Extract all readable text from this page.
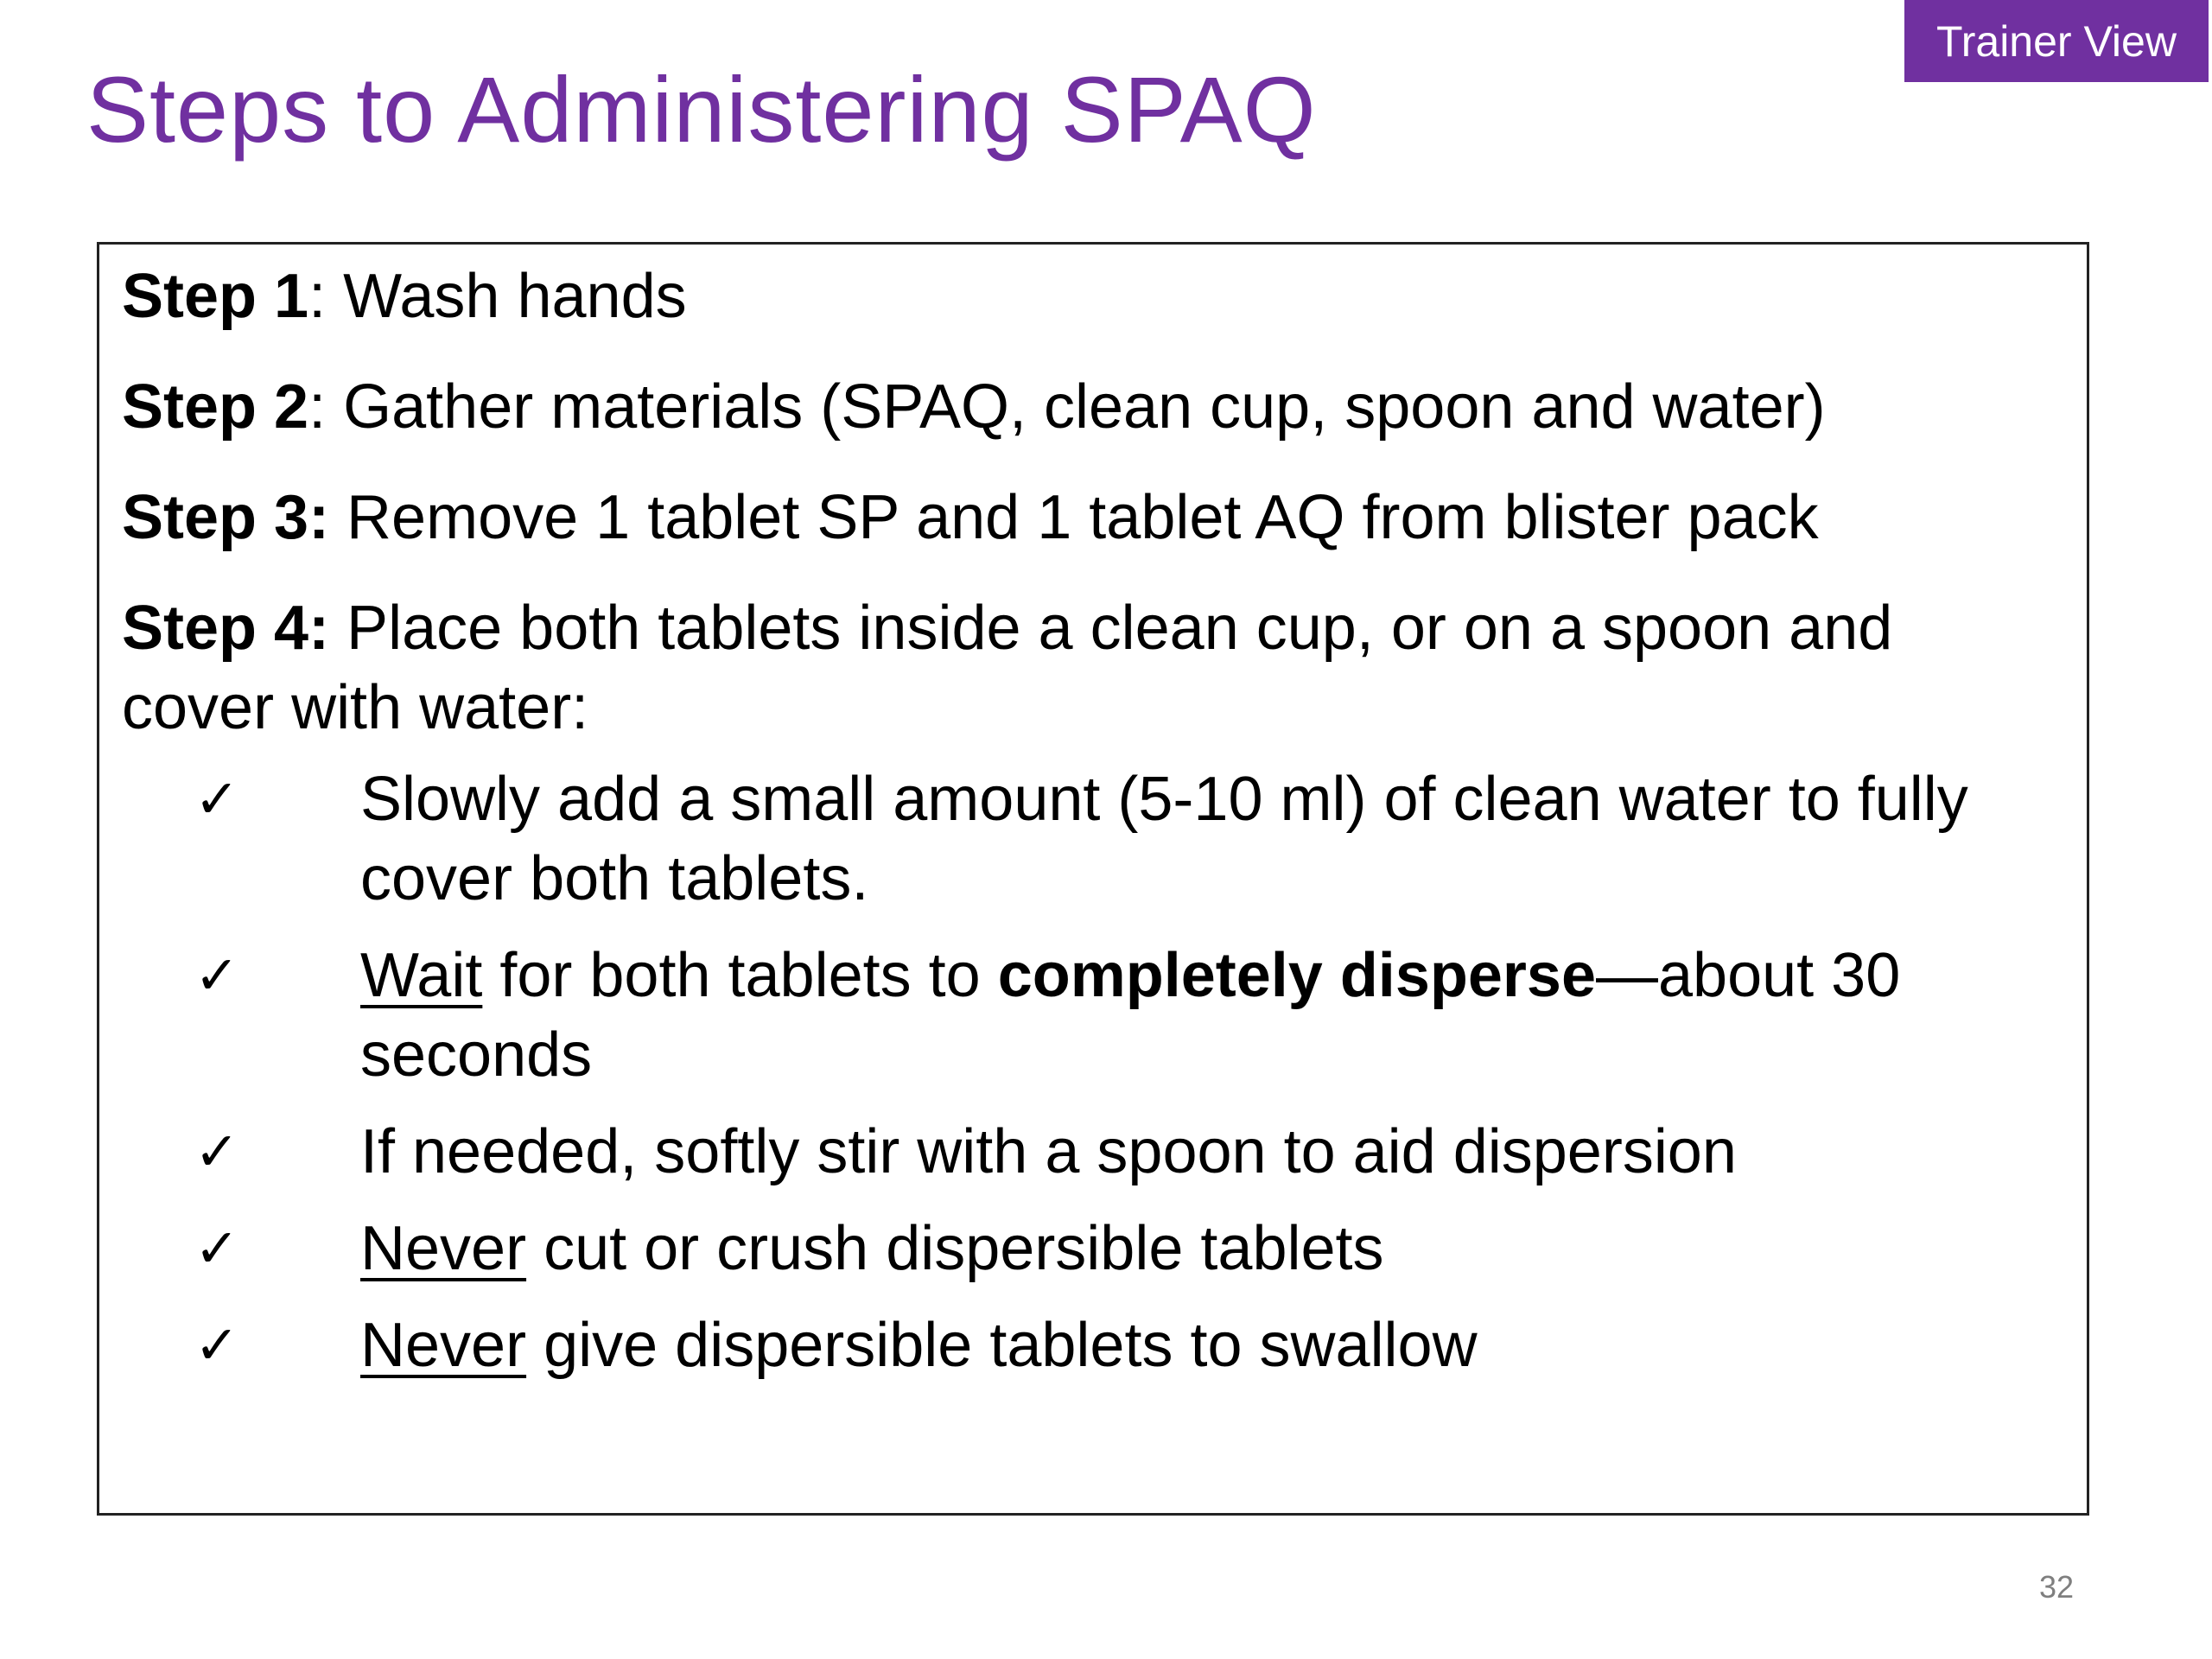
Trainer View
Steps to Administering SPAQ
Step 1: Wash hands
Step 2: Gather materials (SPAQ, clean cup, spoon and water)
Step 3: Remove 1 tablet SP and 1 tablet AQ from blister pack
Step 4: Place both tablets inside a clean cup, or on a spoon and
cover with water:
✓	Slowly add a small amount (5-10 ml) of clean water to fully
cover both tablets.
✓	Wait for both tablets to completely disperse—about 30
seconds
✓	If needed, softly stir with a spoon to aid dispersion
✓	Never cut or crush dispersible tablets
✓	Never give dispersible tablets to swallow
32
